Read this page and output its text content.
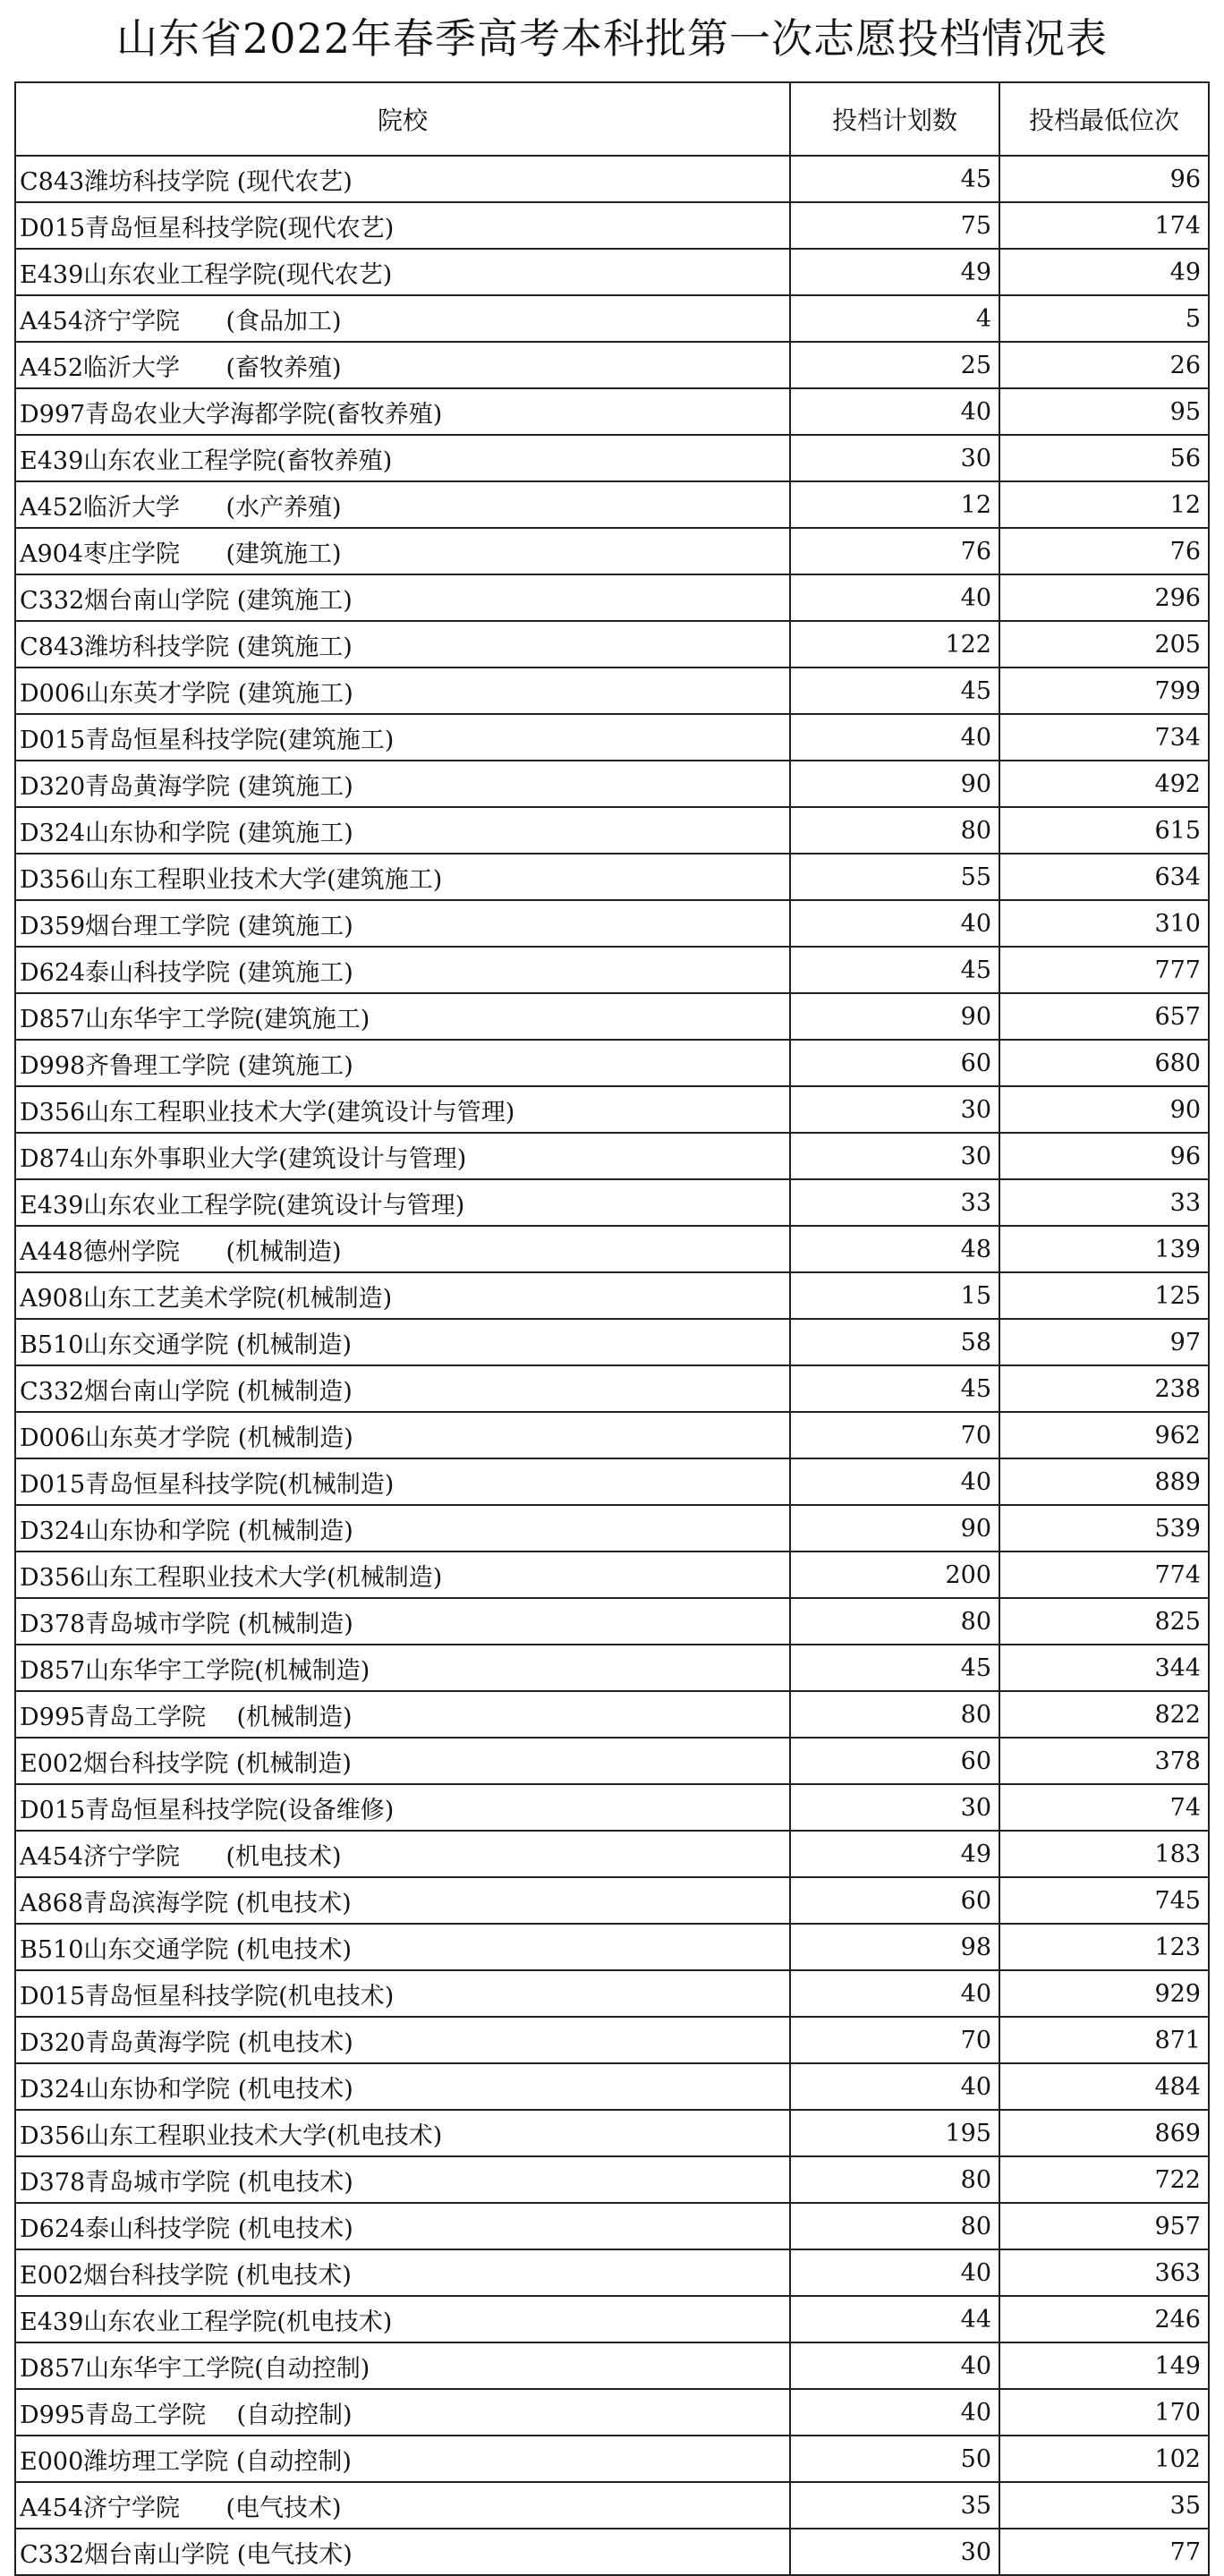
山东省2022年春季高考本科批第一次志愿投档情况表
院校	投档计划数	投档最低位次
C843潍坊科技学院 (现代农艺)	45	96
D015青岛恒星科技学院(现代农艺)	75	174
E439山东农业工程学院(现代农艺)	49	49
A454济宁学院      (食品加工)	4	5
A452临沂大学      (畜牧养殖)	25	26
D997青岛农业大学海都学院(畜牧养殖)	40	95
E439山东农业工程学院(畜牧养殖)	30	56
A452临沂大学      (水产养殖)	12	12
A904枣庄学院      (建筑施工)	76	76
C332烟台南山学院 (建筑施工)	40	296
C843潍坊科技学院 (建筑施工)	122	205
D006山东英才学院 (建筑施工)	45	799
D015青岛恒星科技学院(建筑施工)	40	734
D320青岛黄海学院 (建筑施工)	90	492
D324山东协和学院 (建筑施工)	80	615
D356山东工程职业技术大学(建筑施工)	55	634
D359烟台理工学院 (建筑施工)	40	310
D624泰山科技学院 (建筑施工)	45	777
D857山东华宇工学院(建筑施工)	90	657
D998齐鲁理工学院 (建筑施工)	60	680
D356山东工程职业技术大学(建筑设计与管理)	30	90
D874山东外事职业大学(建筑设计与管理)	30	96
E439山东农业工程学院(建筑设计与管理)	33	33
A448德州学院      (机械制造)	48	139
A908山东工艺美术学院(机械制造)	15	125
B510山东交通学院 (机械制造)	58	97
C332烟台南山学院 (机械制造)	45	238
D006山东英才学院 (机械制造)	70	962
D015青岛恒星科技学院(机械制造)	40	889
D324山东协和学院 (机械制造)	90	539
D356山东工程职业技术大学(机械制造)	200	774
D378青岛城市学院 (机械制造)	80	825
D857山东华宇工学院(机械制造)	45	344
D995青岛工学院    (机械制造)	80	822
E002烟台科技学院 (机械制造)	60	378
D015青岛恒星科技学院(设备维修)	30	74
A454济宁学院      (机电技术)	49	183
A868青岛滨海学院 (机电技术)	60	745
B510山东交通学院 (机电技术)	98	123
D015青岛恒星科技学院(机电技术)	40	929
D320青岛黄海学院 (机电技术)	70	871
D324山东协和学院 (机电技术)	40	484
D356山东工程职业技术大学(机电技术)	195	869
D378青岛城市学院 (机电技术)	80	722
D624泰山科技学院 (机电技术)	80	957
E002烟台科技学院 (机电技术)	40	363
E439山东农业工程学院(机电技术)	44	246
D857山东华宇工学院(自动控制)	40	149
D995青岛工学院    (自动控制)	40	170
E000潍坊理工学院 (自动控制)	50	102
A454济宁学院      (电气技术)	35	35
C332烟台南山学院 (电气技术)	30	77
